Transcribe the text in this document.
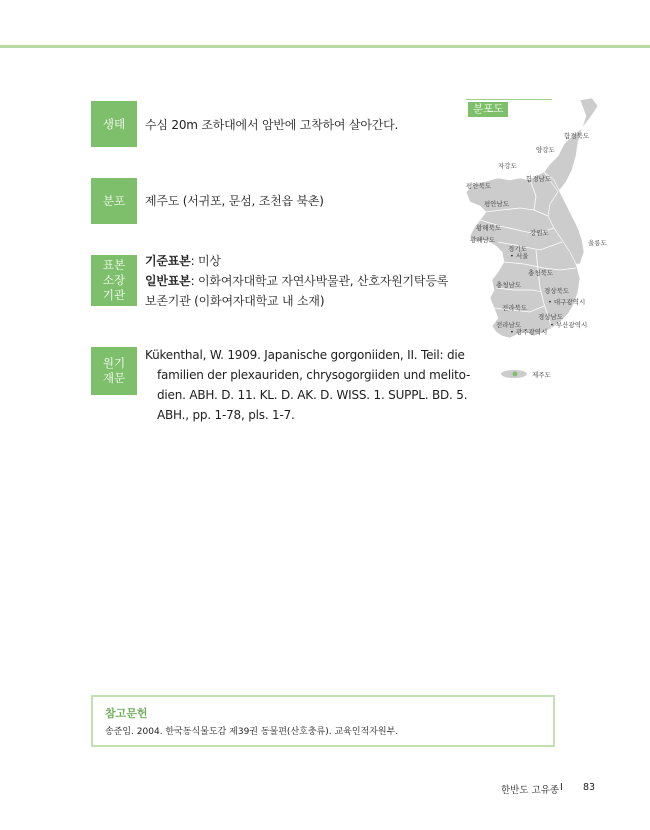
생태 수심 20m 조하대에서 암반에 고착하여 살아간다.
분포 제주도 (서귀포, 문섬, 조천읍 북촌)
표본
소장
기관
기준표본: 미상
일반표본: 이화여자대학교 자연사박물관, 산호자원기탁등록
보존기관 (이화여자대학교 내 소재)
원기
재문
Kükenthal, W. 1909. Japanische gorgoniiden, II. Teil: die
familien der plexauriden, chrysogorgiiden und melito-
dien. ABH. D. 11. KL. D. AK. D. WISS. 1. SUPPL. BD. 5.
ABH., pp. 1-78, pls. 1-7.
함경북도
양강도
자강도
함경남도
평안북도
평안남도
황해북도
황해남도
강원도
경기도
• 서울
울릉도
충청북도
충청남도
경상북도
• 대구광역시
전라북도
경상남도
전라남도	• 부산광역시
• 광주광역시
제주도
분포도
참고문헌
송준임. 2004. 한국동식물도감 제39권 동물편(산호충류). 교육인적자원부.
한반도 고유종 I 83
